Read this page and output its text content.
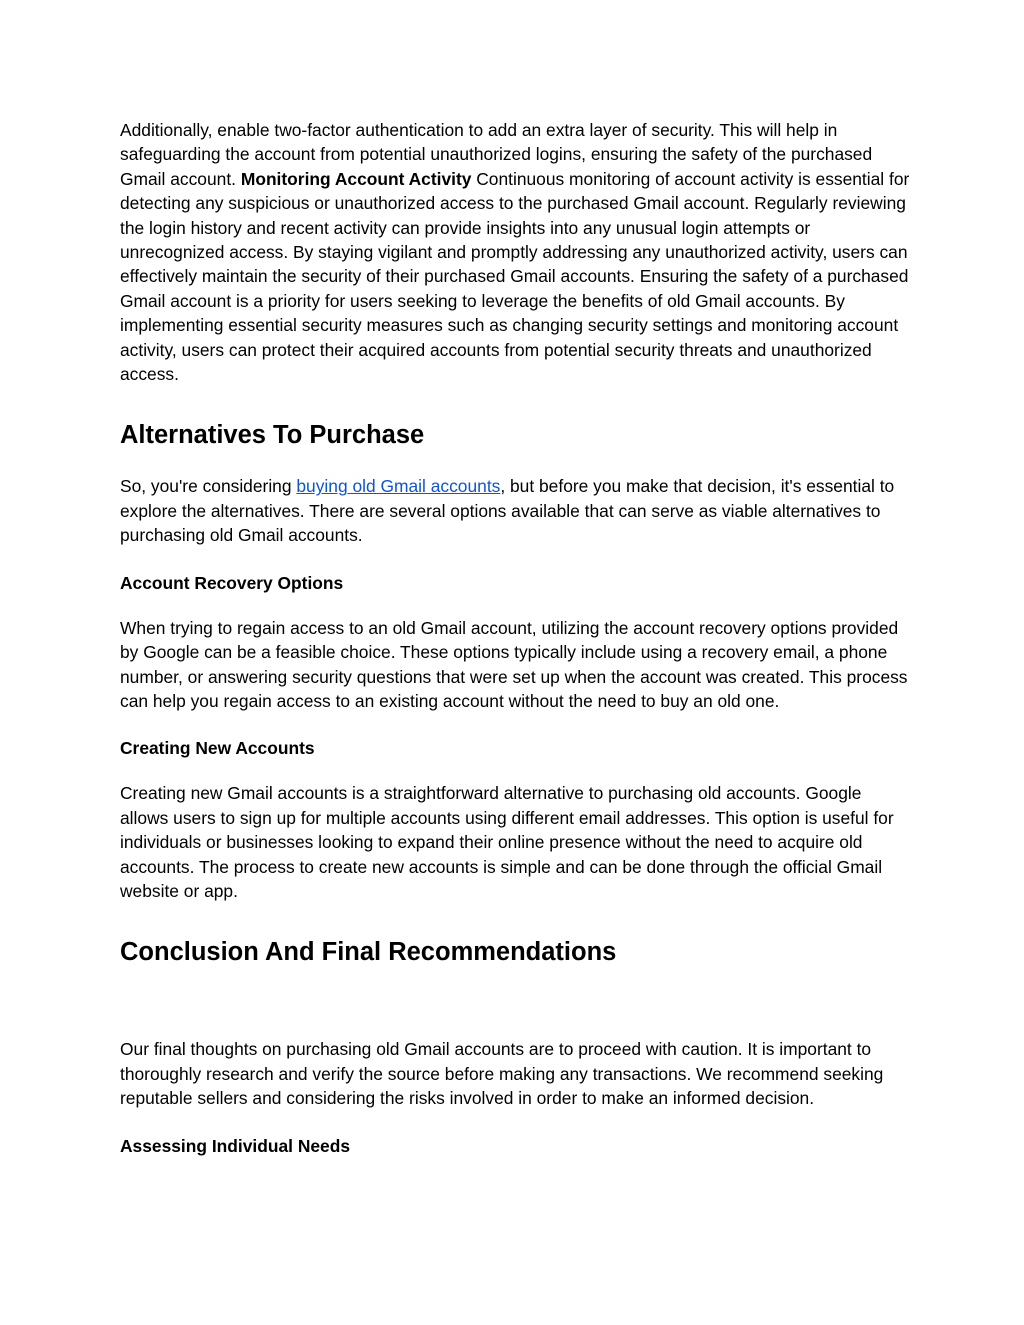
Additionally, enable two-factor authentication to add an extra layer of security. This will help in safeguarding the account from potential unauthorized logins, ensuring the safety of the purchased Gmail account. Monitoring Account Activity Continuous monitoring of account activity is essential for detecting any suspicious or unauthorized access to the purchased Gmail account. Regularly reviewing the login history and recent activity can provide insights into any unusual login attempts or unrecognized access. By staying vigilant and promptly addressing any unauthorized activity, users can effectively maintain the security of their purchased Gmail accounts. Ensuring the safety of a purchased Gmail account is a priority for users seeking to leverage the benefits of old Gmail accounts. By implementing essential security measures such as changing security settings and monitoring account activity, users can protect their acquired accounts from potential security threats and unauthorized access.

Alternatives To Purchase

So, you're considering buying old Gmail accounts, but before you make that decision, it's essential to explore the alternatives. There are several options available that can serve as viable alternatives to purchasing old Gmail accounts.

Account Recovery Options

When trying to regain access to an old Gmail account, utilizing the account recovery options provided by Google can be a feasible choice. These options typically include using a recovery email, a phone number, or answering security questions that were set up when the account was created. This process can help you regain access to an existing account without the need to buy an old one.

Creating New Accounts

Creating new Gmail accounts is a straightforward alternative to purchasing old accounts. Google allows users to sign up for multiple accounts using different email addresses. This option is useful for individuals or businesses looking to expand their online presence without the need to acquire old accounts. The process to create new accounts is simple and can be done through the official Gmail website or app.

Conclusion And Final Recommendations

Our final thoughts on purchasing old Gmail accounts are to proceed with caution. It is important to thoroughly research and verify the source before making any transactions. We recommend seeking reputable sellers and considering the risks involved in order to make an informed decision.

Assessing Individual Needs
